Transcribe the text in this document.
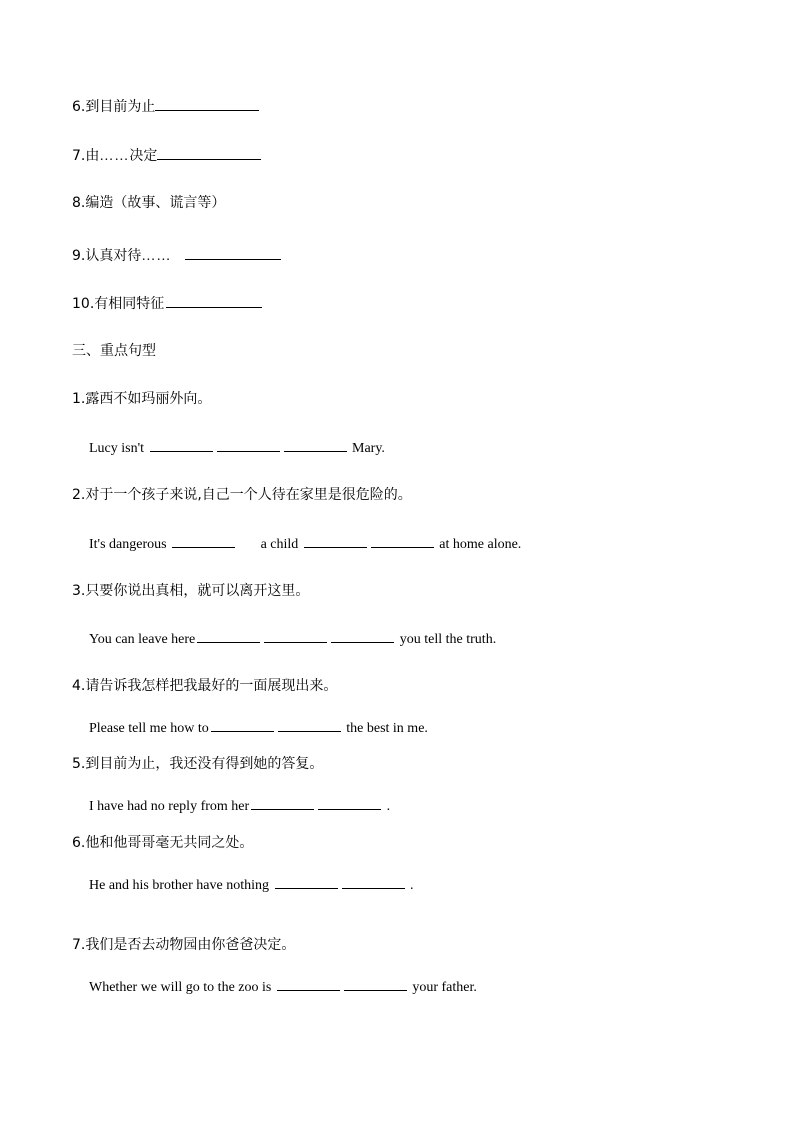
6.到目前为止
7.由……决定
8.编造（故事、谎言等）
9.认真对待……
10.有相同特征
三、重点句型
1.露西不如玛丽外向。
Lucy isn't	Mary.
2.对于一个孩子来说,自己一个人待在家里是很危险的。
It's dangerous	a child	at home alone.
3.只要你说出真相，就可以离开这里。
You can leave here	you tell the truth.
4.请告诉我怎样把我最好的一面展现出来。
Please tell me how to	the best in me.
5.到目前为止，我还没有得到她的答复。
I have had no reply from her	.
6.他和他哥哥毫无共同之处。
He and his brother have nothing	.
7.我们是否去动物园由你爸爸决定。
Whether we will go to the zoo is	your father.
